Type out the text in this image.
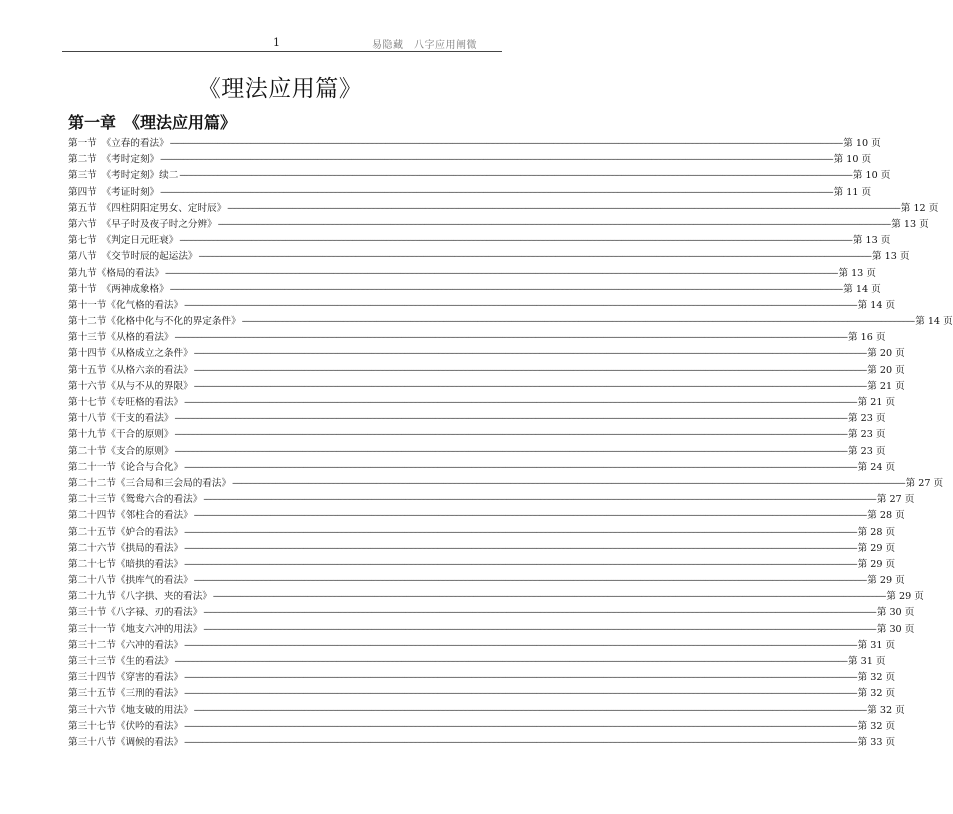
1	易隐藏　八字应用阐微
《理法应用篇》
第一章　《理法应用篇》
第一节　《立春的看法》 ------------------------------------------------------------------------------------------------------------------------------------------------------------------------------------------------------------------------------------------------------------------------------------------------------------ 第 10 页
第二节　《考时定刻》 ------------------------------------------------------------------------------------------------------------------------------------------------------------------------------------------------------------------------------------------------------------------------------------------------------------ 第 10 页
第三节　《考时定刻》续二 ------------------------------------------------------------------------------------------------------------------------------------------------------------------------------------------------------------------------------------------------------------------------------------------------------------ 第 10 页
第四节　《考证时刻》 ------------------------------------------------------------------------------------------------------------------------------------------------------------------------------------------------------------------------------------------------------------------------------------------------------------ 第 11 页
第五节　《四柱阴阳定男女、定时辰》 ------------------------------------------------------------------------------------------------------------------------------------------------------------------------------------------------------------------------------------------------------------------------------------------------------------ 第 12 页
第六节　《早子时及夜子时之分辨》 ------------------------------------------------------------------------------------------------------------------------------------------------------------------------------------------------------------------------------------------------------------------------------------------------------------ 第 13 页
第七节　《判定日元旺衰》 ------------------------------------------------------------------------------------------------------------------------------------------------------------------------------------------------------------------------------------------------------------------------------------------------------------ 第 13 页
第八节　《交节时辰的起运法》 ------------------------------------------------------------------------------------------------------------------------------------------------------------------------------------------------------------------------------------------------------------------------------------------------------------ 第 13 页
第九节《格局的看法》 ------------------------------------------------------------------------------------------------------------------------------------------------------------------------------------------------------------------------------------------------------------------------------------------------------------ 第 13 页
第十节　《两神成象格》 ------------------------------------------------------------------------------------------------------------------------------------------------------------------------------------------------------------------------------------------------------------------------------------------------------------ 第 14 页
第十一节《化气格的看法》 ------------------------------------------------------------------------------------------------------------------------------------------------------------------------------------------------------------------------------------------------------------------------------------------------------------ 第 14 页
第十二节《化格中化与不化的界定条件》 ------------------------------------------------------------------------------------------------------------------------------------------------------------------------------------------------------------------------------------------------------------------------------------------------------------ 第 14 页
第十三节《从格的看法》 ------------------------------------------------------------------------------------------------------------------------------------------------------------------------------------------------------------------------------------------------------------------------------------------------------------ 第 16 页
第十四节《从格成立之条件》 ------------------------------------------------------------------------------------------------------------------------------------------------------------------------------------------------------------------------------------------------------------------------------------------------------------ 第 20 页
第十五节《从格六亲的看法》 ------------------------------------------------------------------------------------------------------------------------------------------------------------------------------------------------------------------------------------------------------------------------------------------------------------ 第 20 页
第十六节《从与不从的界限》 ------------------------------------------------------------------------------------------------------------------------------------------------------------------------------------------------------------------------------------------------------------------------------------------------------------ 第 21 页
第十七节《专旺格的看法》 ------------------------------------------------------------------------------------------------------------------------------------------------------------------------------------------------------------------------------------------------------------------------------------------------------------ 第 21 页
第十八节《干支的看法》 ------------------------------------------------------------------------------------------------------------------------------------------------------------------------------------------------------------------------------------------------------------------------------------------------------------ 第 23 页
第十九节《干合的原则》 ------------------------------------------------------------------------------------------------------------------------------------------------------------------------------------------------------------------------------------------------------------------------------------------------------------ 第 23 页
第二十节《支合的原则》 ------------------------------------------------------------------------------------------------------------------------------------------------------------------------------------------------------------------------------------------------------------------------------------------------------------ 第 23 页
第二十一节《论合与合化》 ------------------------------------------------------------------------------------------------------------------------------------------------------------------------------------------------------------------------------------------------------------------------------------------------------------ 第 24 页
第二十二节《三合局和三会局的看法》 ------------------------------------------------------------------------------------------------------------------------------------------------------------------------------------------------------------------------------------------------------------------------------------------------------------ 第 27 页
第二十三节《鸳鸯六合的看法》 ------------------------------------------------------------------------------------------------------------------------------------------------------------------------------------------------------------------------------------------------------------------------------------------------------------ 第 27 页
第二十四节《邻柱合的看法》 ------------------------------------------------------------------------------------------------------------------------------------------------------------------------------------------------------------------------------------------------------------------------------------------------------------ 第 28 页
第二十五节《妒合的看法》 ------------------------------------------------------------------------------------------------------------------------------------------------------------------------------------------------------------------------------------------------------------------------------------------------------------ 第 28 页
第二十六节《拱局的看法》 ------------------------------------------------------------------------------------------------------------------------------------------------------------------------------------------------------------------------------------------------------------------------------------------------------------ 第 29 页
第二十七节《暗拱的看法》 ------------------------------------------------------------------------------------------------------------------------------------------------------------------------------------------------------------------------------------------------------------------------------------------------------------ 第 29 页
第二十八节《拱库气的看法》 ------------------------------------------------------------------------------------------------------------------------------------------------------------------------------------------------------------------------------------------------------------------------------------------------------------ 第 29 页
第二十九节《八字拱、夹的看法》 ------------------------------------------------------------------------------------------------------------------------------------------------------------------------------------------------------------------------------------------------------------------------------------------------------------ 第 29 页
第三十节《八字禄、刃的看法》 ------------------------------------------------------------------------------------------------------------------------------------------------------------------------------------------------------------------------------------------------------------------------------------------------------------ 第 30 页
第三十一节《地支六冲的用法》 ------------------------------------------------------------------------------------------------------------------------------------------------------------------------------------------------------------------------------------------------------------------------------------------------------------ 第 30 页
第三十二节《六冲的看法》 ------------------------------------------------------------------------------------------------------------------------------------------------------------------------------------------------------------------------------------------------------------------------------------------------------------ 第 31 页
第三十三节《生的看法》 ------------------------------------------------------------------------------------------------------------------------------------------------------------------------------------------------------------------------------------------------------------------------------------------------------------ 第 31 页
第三十四节《穿害的看法》 ------------------------------------------------------------------------------------------------------------------------------------------------------------------------------------------------------------------------------------------------------------------------------------------------------------ 第 32 页
第三十五节《三刑的看法》 ------------------------------------------------------------------------------------------------------------------------------------------------------------------------------------------------------------------------------------------------------------------------------------------------------------ 第 32 页
第三十六节《地支破的用法》 ------------------------------------------------------------------------------------------------------------------------------------------------------------------------------------------------------------------------------------------------------------------------------------------------------------ 第 32 页
第三十七节《伏吟的看法》 ------------------------------------------------------------------------------------------------------------------------------------------------------------------------------------------------------------------------------------------------------------------------------------------------------------ 第 32 页
第三十八节《调候的看法》 ------------------------------------------------------------------------------------------------------------------------------------------------------------------------------------------------------------------------------------------------------------------------------------------------------------ 第 33 页
